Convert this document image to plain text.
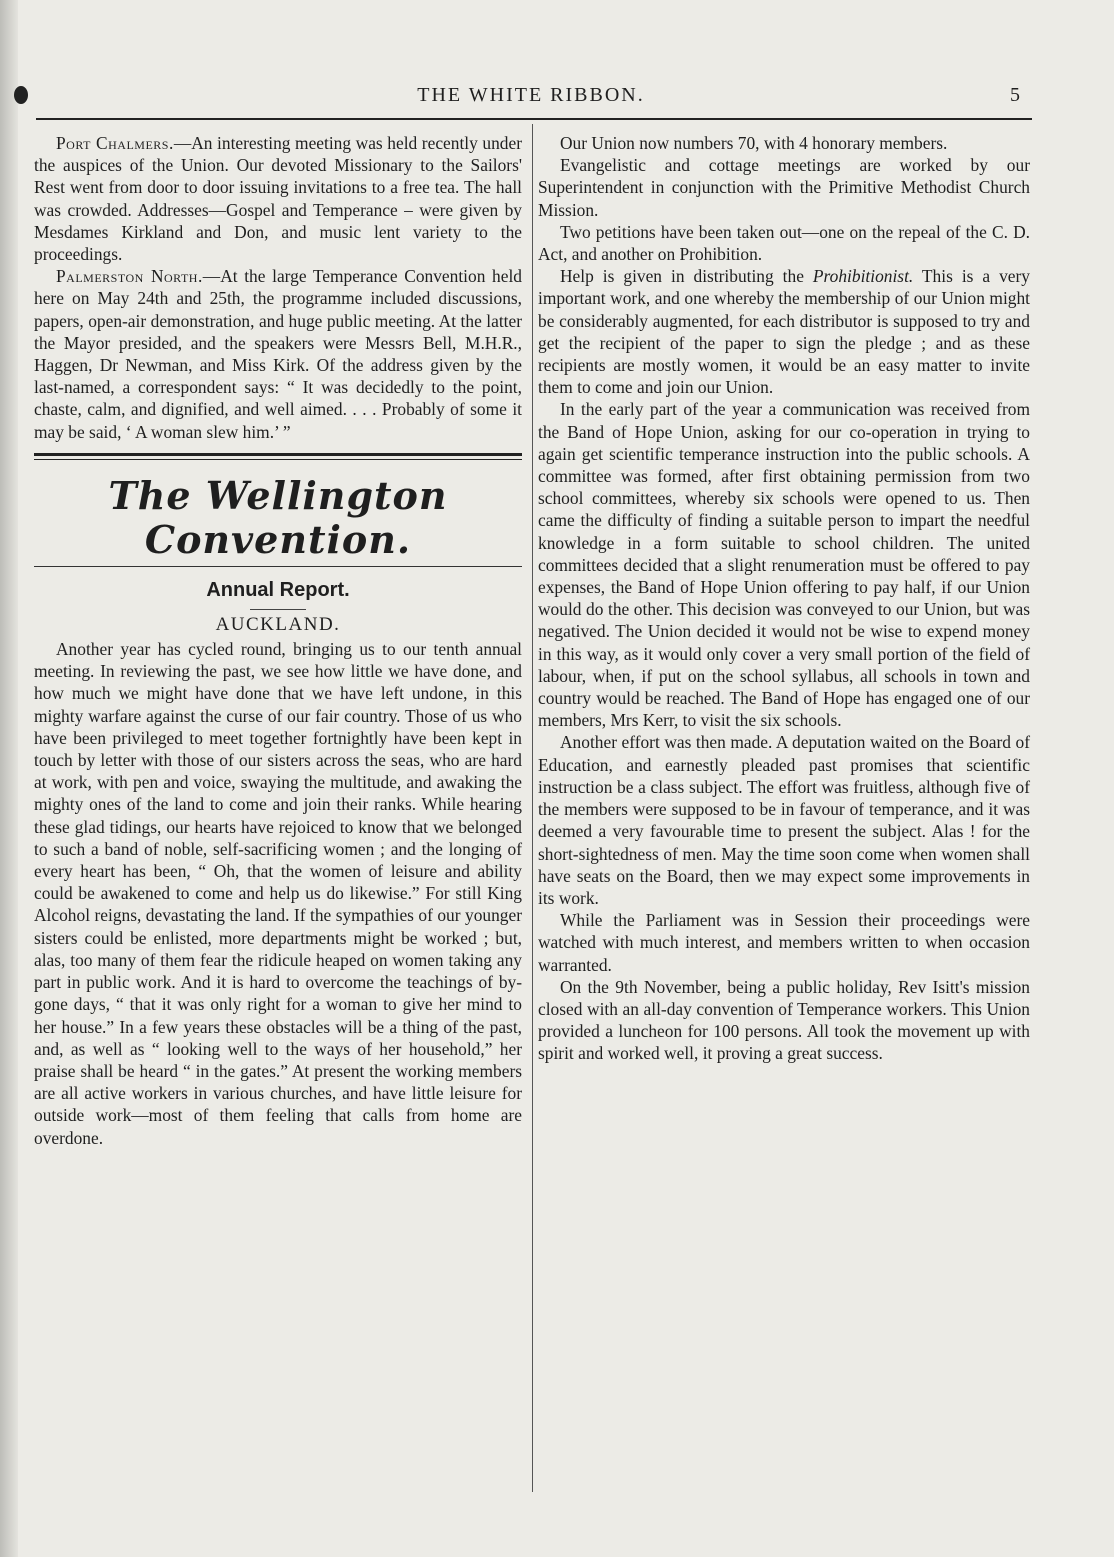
THE WHITE RIBBON.	5

Port Chalmers.—An interesting meeting was held recently under the auspices of the Union. Our devoted Missionary to the Sailors' Rest went from door to door issuing invitations to a free tea. The hall was crowded. Addresses—Gospel and Temperance – were given by Mesdames Kirkland and Don, and music lent variety to the proceedings.

Palmerston North.—At the large Temperance Convention held here on May 24th and 25th, the programme included discussions, papers, open-air demonstration, and huge public meeting. At the latter the Mayor presided, and the speakers were Messrs Bell, M.H.R., Haggen, Dr Newman, and Miss Kirk. Of the address given by the last-named, a correspondent says: “ It was decidedly to the point, chaste, calm, and dignified, and well aimed. . . . Probably of some it may be said, ‘ A woman slew him.’ ”

The Wellington Convention.
Annual Report.
AUCKLAND.

Another year has cycled round, bringing us to our tenth annual meeting. In reviewing the past, we see how little we have done, and how much we might have done that we have left undone, in this mighty warfare against the curse of our fair country. Those of us who have been privileged to meet together fortnightly have been kept in touch by letter with those of our sisters across the seas, who are hard at work, with pen and voice, swaying the multitude, and awaking the mighty ones of the land to come and join their ranks. While hearing these glad tidings, our hearts have rejoiced to know that we belonged to such a band of noble, self-sacrificing women ; and the longing of every heart has been, “ Oh, that the women of leisure and ability could be awakened to come and help us do likewise.” For still King Alcohol reigns, devastating the land. If the sympathies of our younger sisters could be enlisted, more departments might be worked ; but, alas, too many of them fear the ridicule heaped on women taking any part in public work. And it is hard to overcome the teachings of by-gone days, “ that it was only right for a woman to give her mind to her house.” In a few years these obstacles will be a thing of the past, and, as well as “ looking well to the ways of her household,” her praise shall be heard “ in the gates.” At present the working members are all active workers in various churches, and have little leisure for outside work—most of them feeling that calls from home are overdone.

Our Union now numbers 70, with 4 honorary members.

Evangelistic and cottage meetings are worked by our Superintendent in conjunction with the Primitive Methodist Church Mission.

Two petitions have been taken out—one on the repeal of the C. D. Act, and another on Prohibition.

Help is given in distributing the Prohibitionist. This is a very important work, and one whereby the membership of our Union might be considerably augmented, for each distributor is supposed to try and get the recipient of the paper to sign the pledge ; and as these recipients are mostly women, it would be an easy matter to invite them to come and join our Union.

In the early part of the year a communication was received from the Band of Hope Union, asking for our co-operation in trying to again get scientific temperance instruction into the public schools. A committee was formed, after first obtaining permission from two school committees, whereby six schools were opened to us. Then came the difficulty of finding a suitable person to impart the needful knowledge in a form suitable to school children. The united committees decided that a slight renumeration must be offered to pay expenses, the Band of Hope Union offering to pay half, if our Union would do the other. This decision was conveyed to our Union, but was negatived. The Union decided it would not be wise to expend money in this way, as it would only cover a very small portion of the field of labour, when, if put on the school syllabus, all schools in town and country would be reached. The Band of Hope has engaged one of our members, Mrs Kerr, to visit the six schools.

Another effort was then made. A deputation waited on the Board of Education, and earnestly pleaded past promises that scientific instruction be a class subject. The effort was fruitless, although five of the members were supposed to be in favour of temperance, and it was deemed a very favourable time to present the subject. Alas ! for the short-sightedness of men. May the time soon come when women shall have seats on the Board, then we may expect some improvements in its work.

While the Parliament was in Session their proceedings were watched with much interest, and members written to when occasion warranted.

On the 9th November, being a public holiday, Rev Isitt's mission closed with an all-day convention of Temperance workers. This Union provided a luncheon for 100 persons. All took the movement up with spirit and worked well, it proving a great success.
